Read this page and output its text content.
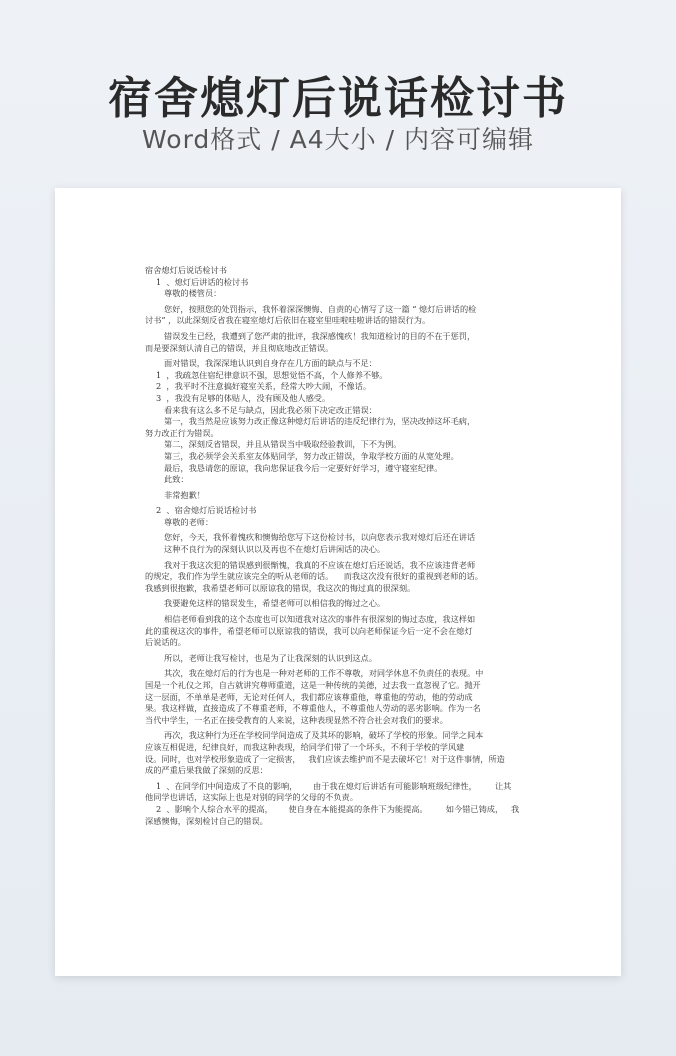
宿舍熄灯后说话检讨书
Word格式 / A4大小 / 内容可编辑

宿舍熄灯后说话检讨书

1  、熄灯后讲话的检讨书

尊敬的楼管员：

您好，按照您的处罚指示，我怀着深深懊悔、自责的心情写了这一篇 “ 熄灯后讲话的检

讨书” ，以此深刻反省我在寝室熄灯后依旧在寝室里哇啦哇啦讲话的错误行为。

错误发生已经，我遭到了您严肃的批评，我深感愧疚！我知道检讨的目的不在于惩罚，

而是要深刻认清自己的错误，并且彻底地改正错误。

面对错误，我深深地认识到自身存在几方面的缺点与不足：

1  ，我疏忽住宿纪律意识不强，思想觉悟不高，个人修养不够。

2  ，我平时不注意搞好寝室关系，经常大吵大闹，不像话。

3  ，我没有足够的体贴人，没有顾及他人感受。

看来我有这么多不足与缺点，因此我必须下决定改正错误：

第一，我当然是应该努力改正像这种熄灯后讲话的违反纪律行为，坚决改掉这坏毛病，

努力改正行为错误。

第二，深刻反省错误，并且从错误当中吸取经验教训，下不为例。

第三，我必须学会关系室友体贴同学，努力改正错误，争取学校方面的从宽处理。

最后，我恳请您的原谅，我向您保证我今后一定要好好学习，遵守寝室纪律。

此致：

非常抱歉！

2  、宿舍熄灯后说话检讨书

尊敬的老师：

您好，今天，我怀着愧疚和懊悔给您写下这份检讨书，以向您表示我对熄灯后还在讲话

这种不良行为的深刻认识以及再也不在熄灯后讲闲话的决心。

我对于我这次犯的错误感到很惭愧，我真的不应该在熄灯后还说话，我不应该违背老师

的规定，我们作为学生就应该完全的听从老师的话。    而我这次没有很好的重视到老师的话。

我感到很抱歉，我希望老师可以原谅我的错误，我这次的悔过真的很深刻。

我要避免这样的错误发生，希望老师可以相信我的悔过之心。

相信老师看到我的这个态度也可以知道我对这次的事件有很深刻的悔过态度，我这样如

此的重视这次的事件，希望老师可以原谅我的错误，我可以向老师保证今后一定不会在熄灯

后说话的。

所以，老师让我写检讨，也是为了让我深刻的认识到这点。

其次，我在熄灯后的行为也是一种对老师的工作不尊敬，对同学休息不负责任的表现。中

国是一个礼仪之邦，自古就讲究尊师重道，这是一种传统的美德，过去我一直忽视了它。抛开

这一层面，不单单是老师，无论对任何人，我们都应该尊重他，尊重他的劳动，他的劳动成

果。我这样做，直接造成了不尊重老师，不尊重他人，不尊重他人劳动的恶劣影响。作为一名

当代中学生，一名正在接受教育的人来说，这种表现显然不符合社会对我们的要求。

再次，我这种行为还在学校同学间造成了及其坏的影响，破坏了学校的形象。同学之间本

应该互相促进，纪律良好，而我这种表现，给同学们带了一个坏头，不利于学校的学风建

设。同时，也对学校形象造成了一定损害，   我们应该去维护而不是去破坏它！对于这件事情，所造

成的严重后果我做了深刻的反思：

1  、在同学们中间造成了不良的影响，      由于我在熄灯后讲话有可能影响班级纪律性，       让其

他同学也讲话，这实际上也是对别的同学的父母的不负责。

2  、影响个人综合水平的提高，      使自身在本能提高的条件下为能提高。       如今错已铸成，   我

深感懊悔，深刻检讨自己的错误。
